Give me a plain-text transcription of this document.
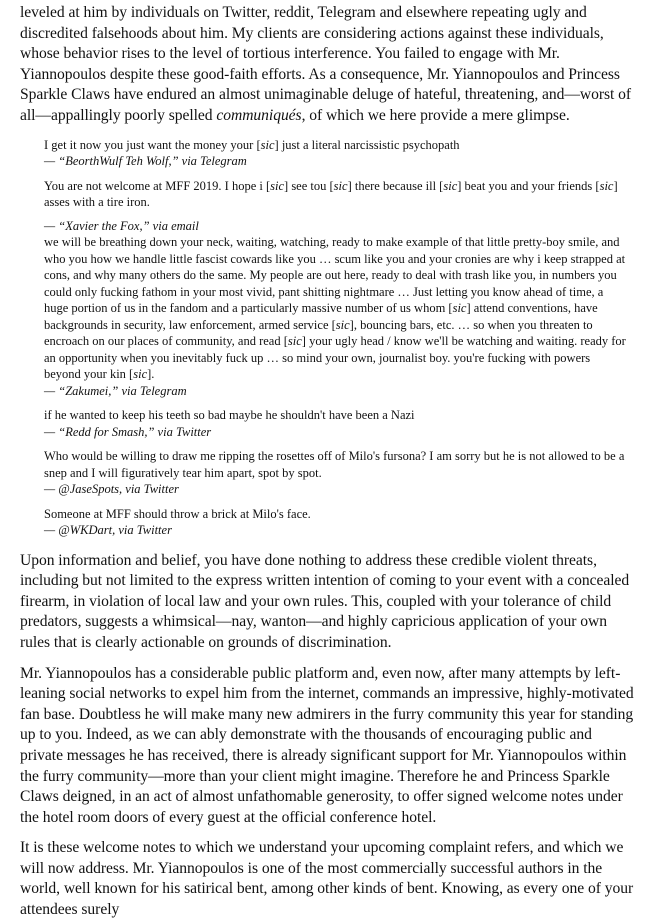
leveled at him by individuals on Twitter, reddit, Telegram and elsewhere repeating ugly and discredited falsehoods about him. My clients are considering actions against these individuals, whose behavior rises to the level of tortious interference. You failed to engage with Mr. Yiannopoulos despite these good-faith efforts. As a consequence, Mr. Yiannopoulos and Princess Sparkle Claws have endured an almost unimaginable deluge of hateful, threatening, and—worst of all—appallingly poorly spelled communiqués, of which we here provide a mere glimpse.

I get it now you just want the money your [sic] just a literal narcissistic psychopath
— “BeorthWulf Teh Wolf,” via Telegram
You are not welcome at MFF 2019. I hope i [sic] see tou [sic] there because ill [sic] beat you and your friends [sic] asses with a tire iron.
— “Xavier the Fox,” via email
we will be breathing down your neck, waiting, watching, ready to make example of that little pretty-boy smile, and who you how we handle little fascist cowards like you … scum like you and your cronies are why i keep strapped at cons, and why many others do the same. My people are out here, ready to deal with trash like you, in numbers you could only fucking fathom in your most vivid, pant shitting nightmare … Just letting you know ahead of time, a huge portion of us in the fandom and a particularly massive number of us whom [sic] attend conventions, have backgrounds in security, law enforcement, armed service [sic], bouncing bars, etc. … so when you threaten to encroach on our places of community, and read [sic] your ugly head / know we'll be watching and waiting. ready for an opportunity when you inevitably fuck up … so mind your own, journalist boy. you're fucking with powers beyond your kin [sic].
— “Zakumei,” via Telegram
if he wanted to keep his teeth so bad maybe he shouldn't have been a Nazi
— “Redd for Smash,” via Twitter
Who would be willing to draw me ripping the rosettes off of Milo's fursona? I am sorry but he is not allowed to be a snep and I will figuratively tear him apart, spot by spot.
— @JaseSpots, via Twitter
Someone at MFF should throw a brick at Milo's face.
— @WKDart, via Twitter

Upon information and belief, you have done nothing to address these credible violent threats, including but not limited to the express written intention of coming to your event with a concealed firearm, in violation of local law and your own rules. This, coupled with your tolerance of child predators, suggests a whimsical—nay, wanton—and highly capricious application of your own rules that is clearly actionable on grounds of discrimination.

Mr. Yiannopoulos has a considerable public platform and, even now, after many attempts by left-leaning social networks to expel him from the internet, commands an impressive, highly-motivated fan base. Doubtless he will make many new admirers in the furry community this year for standing up to you. Indeed, as we can ably demonstrate with the thousands of encouraging public and private messages he has received, there is already significant support for Mr. Yiannopoulos within the furry community—more than your client might imagine. Therefore he and Princess Sparkle Claws deigned, in an act of almost unfathomable generosity, to offer signed welcome notes under the hotel room doors of every guest at the official conference hotel.

It is these welcome notes to which we understand your upcoming complaint refers, and which we will now address. Mr. Yiannopoulos is one of the most commercially successful authors in the world, well known for his satirical bent, among other kinds of bent. Knowing, as every one of your attendees surely
